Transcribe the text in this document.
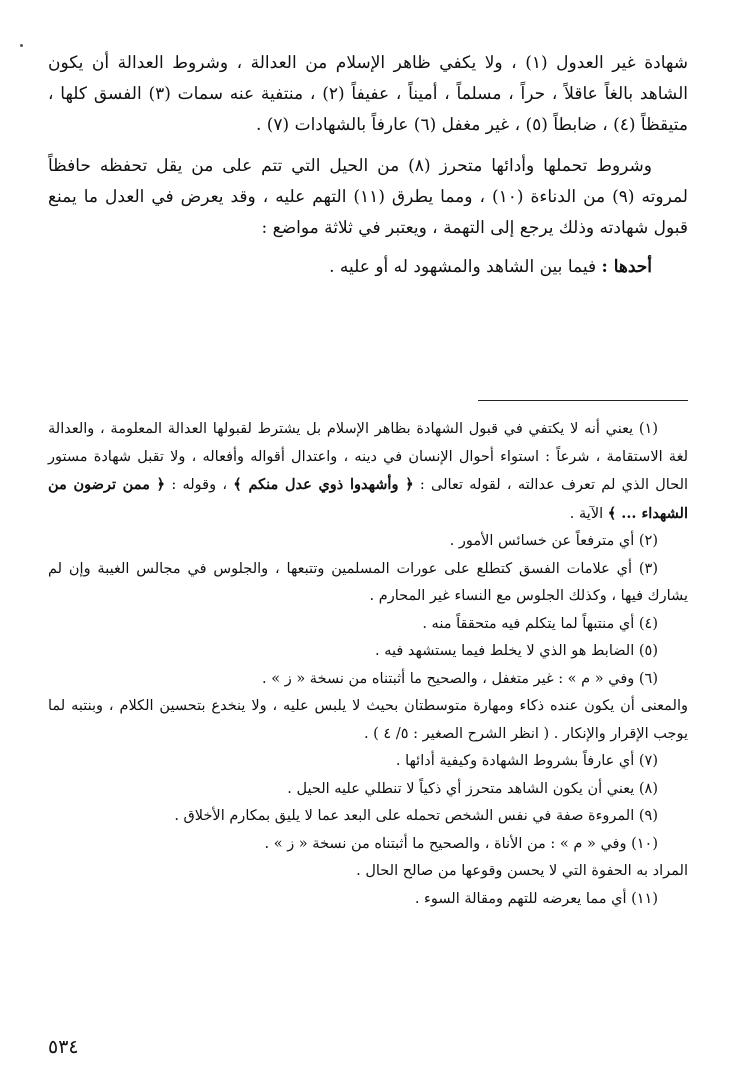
شهادة غير العدول (١) ، ولا يكفي ظاهر الإسلام من العدالة ، وشروط العدالة أن يكون الشاهد بالغاً عاقلاً ، حراً ، مسلماً ، أميناً ، عفيفاً (٢) ، منتفية عنه سمات (٣) الفسق كلها ، متيقظاً (٤) ، ضابطاً (٥) ، غير مغفل (٦) عارفاً بالشهادات (٧) .

وشروط تحملها وأدائها متحرز (٨) من الحيل التي تتم على من يقل تحفظه حافظاً لمروته (٩) من الدناءة (١٠) ، ومما يطرق (١١) التهم عليه ، وقد يعرض في العدل ما يمنع قبول شهادته وذلك يرجع إلى التهمة ، ويعتبر في ثلاثة مواضع :

أحدها : فيما بين الشاهد والمشهود له أو عليه .

(١) يعني أنه لا يكتفي في قبول الشهادة بظاهر الإسلام بل يشترط لقبولها العدالة المعلومة ، والعدالة لغة الاستقامة ، شرعاً : استواء أحوال الإنسان في دينه ، واعتدال أقواله وأفعاله ، ولا تقبل شهادة مستور الحال الذي لم تعرف عدالته ، لقوله تعالى : ﴿ وأشهدوا ذوي عدل منكم ﴾ ، وقوله : ﴿ ممن ترضون من الشهداء ... ﴾ الآية .

(٢) أي مترفعاً عن خسائس الأمور .

(٣) أي علامات الفسق كتطلع على عورات المسلمين وتتبعها ، والجلوس في مجالس الغيبة وإن لم يشارك فيها ، وكذلك الجلوس مع النساء غير المحارم .

(٤) أي منتبهاً لما يتكلم فيه متحققاً منه .

(٥) الضابط هو الذي لا يخلط فيما يستشهد فيه .

(٦) وفي « م » : غير متغفل ، والصحيح ما أثبتناه من نسخة « ز » .

والمعنى أن يكون عنده ذكاء ومهارة متوسطتان بحيث لا يلبس عليه ، ولا ينخدع بتحسين الكلام ، وبنتبه لما يوجب الإقرار والإنكار . ( انظر الشرح الصغير : ٥/ ٤ ) .

(٧) أي عارفاً بشروط الشهادة وكيفية أدائها .

(٨) يعني أن يكون الشاهد متحرز أي ذكياً لا تنطلي عليه الحيل .

(٩) المروءة صفة في نفس الشخص تحمله على البعد عما لا يليق بمكارم الأخلاق .

(١٠) وفي « م » : من الأناة ، والصحيح ما أثبتناه من نسخة « ز » .

المراد به الحفوة التي لا يحسن وقوعها من صالح الحال .

(١١) أي مما يعرضه للتهم ومقالة السوء .

٥٣٤
